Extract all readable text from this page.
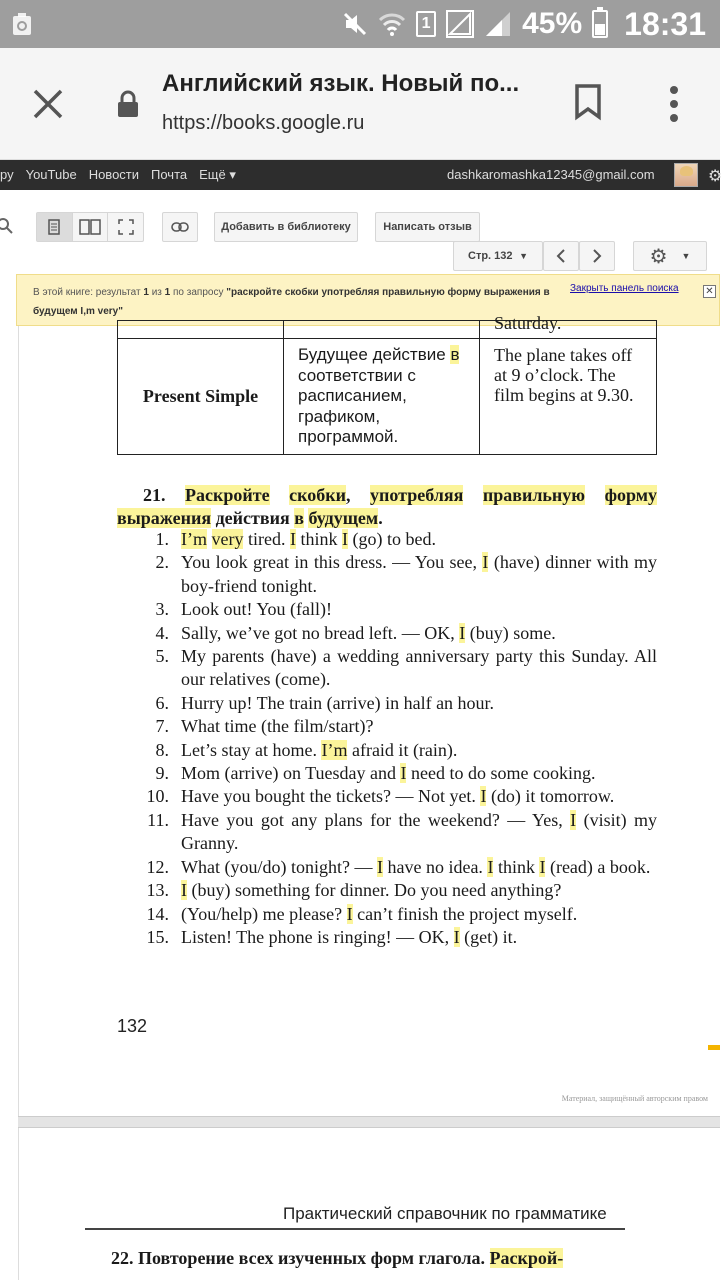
1	45% 18:31
Английский язык. Новый по...
https://books.google.ru
ру YouTube Новости Почта Ещё ▾	dashkaromashka12345@gmail.com	⚙
Добавить в библиотеку	Написать отзыв
Стр. 132 ▼	⚙ ▼
В этой книге: результат 1 из 1 по запросу "раскройте скобки употребляя правильную форму выражения в будущем I,m very"
Закрыть панель поиска	✕

		Saturday.

Present Simple	Будущее действие в соответствии с расписанием, графиком, программой.	The plane takes off at 9 o’clock. The film begins at 9.30.
21. Раскройте скобки, употребляя правильную форму выражения действия в будущем.
1. I’m very tired. I think I (go) to bed.
2. You look great in this dress. — You see, I (have) dinner with my boy-friend tonight.
3. Look out! You (fall)!
4. Sally, we’ve got no bread left. — OK, I (buy) some.
5. My parents (have) a wedding anniversary party this Sunday. All our relatives (come).
6. Hurry up! The train (arrive) in half an hour.
7. What time (the film/start)?
8. Let’s stay at home. I’m afraid it (rain).
9. Mom (arrive) on Tuesday and I need to do some cooking.
10. Have you bought the tickets? — Not yet. I (do) it tomorrow.
11. Have you got any plans for the weekend? — Yes, I (visit) my Granny.
12. What (you/do) tonight? — I have no idea. I think I (read) a book.
13. I (buy) something for dinner. Do you need anything?
14. (You/help) me please? I can’t finish the project myself.
15. Listen! The phone is ringing! — OK, I (get) it.
132
Материал, защищённый авторским правом
Практический справочник по грамматике
22. Повторение всех изученных форм глагола. Раскрой-
